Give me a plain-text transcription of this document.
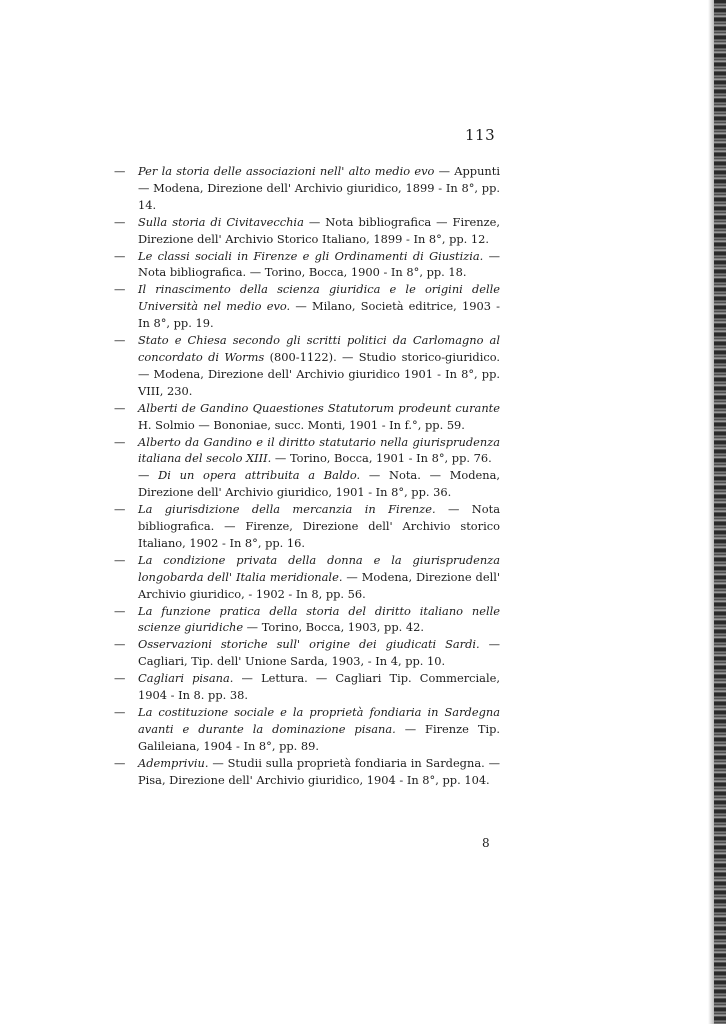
113
—	Per la storia delle associazioni nell' alto medio evo — Appunti — Modena, Direzione dell' Archivio giuridico, 1899 - In 8°, pp. 14.
—	Sulla storia di Civitavecchia — Nota bibliografica — Firenze, Direzione dell' Archivio Storico Italiano, 1899 - In 8°, pp. 12.
—	Le classi sociali in Firenze e gli Ordinamenti di Giustizia. — Nota bibliografica. — Torino, Bocca, 1900 - In 8°, pp. 18.
—	Il rinascimento della scienza giuridica e le origini delle Università nel medio evo. — Milano, Società editrice, 1903 - In 8°, pp. 19.
—	Stato e Chiesa secondo gli scritti politici da Carlomagno al concordato di Worms (800-1122). — Studio storico-giuridico. — Modena, Direzione dell' Archivio giuridico 1901 - In 8°, pp. VIII, 230.
—	Alberti de Gandino Quaestiones Statutorum prodeunt curante H. Solmio — Bononiae, succ. Monti, 1901 - In f.°, pp. 59.
—	Alberto da Gandino e il diritto statutario nella giurisprudenza italiana del secolo XIII. — Torino, Bocca, 1901 - In 8°, pp. 76.
— Di un opera attribuita a Baldo. — Nota. — Modena, Direzione dell' Archivio giuridico, 1901 - In 8°, pp. 36.
—	La giurisdizione della mercanzia in Firenze. — Nota bibliografica. — Firenze, Direzione dell' Archivio storico Italiano, 1902 - In 8°, pp. 16.
—	La condizione privata della donna e la giurisprudenza longobarda dell' Italia meridionale. — Modena, Direzione dell' Archivio giuridico, - 1902 - In 8, pp. 56.
—	La funzione pratica della storia del diritto italiano nelle scienze giuridiche — Torino, Bocca, 1903, pp. 42.
—	Osservazioni storiche sull' origine dei giudicati Sardi. — Cagliari, Tip. dell' Unione Sarda, 1903, - In 4, pp. 10.
—	Cagliari pisana. — Lettura. — Cagliari Tip. Commerciale, 1904 - In 8. pp. 38.
—	La costituzione sociale e la proprietà fondiaria in Sardegna avanti e durante la dominazione pisana. — Firenze Tip. Galileiana, 1904 - In 8°, pp. 89.
—	Adempriviu. — Studii sulla proprietà fondiaria in Sardegna. — Pisa, Direzione dell' Archivio giuridico, 1904 - In 8°, pp. 104.
8
